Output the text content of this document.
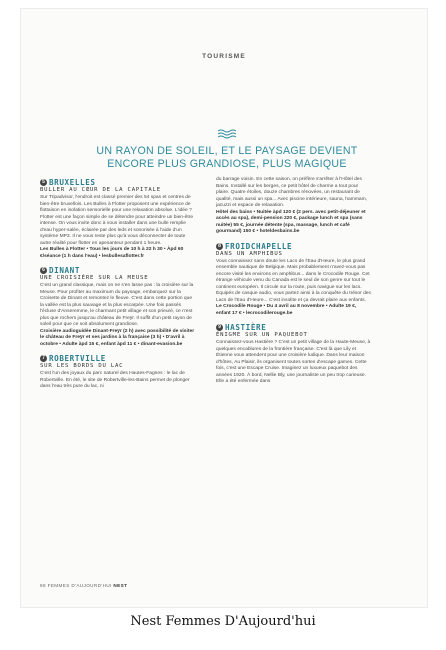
TOURISME
UN RAYON DE SOLEIL, ET LE PAYSAGE DEVIENT ENCORE PLUS GRANDIOSE, PLUS MAGIQUE
5 BRUXELLES
BULLER AU CŒUR DE LA CAPITALE
Sur Tripadvisor, l'endroit est classé premier des 54 spas et centres de bien-être bruxellois. Les Bulles à Flotter proposent une expérience de flottaison en isolation sensorielle pour une relaxation absolue. L'idée ? Flotter est une façon simple de se détendre pour atteindre un bien-être intense. On vous invite donc à vous installer dans une bulle remplie d'eau hyper-salée, éclairée par des leds et sonorisée à l'aide d'un système MP3. Il ne vous reste plus qu'à vous déconnecter de toute autre réalité pour flotter en apesanteur pendant 1 heure.
Les Bulles à Flotter • Tous les jours de 10 h à 22 h 30 • Àpd 60 €/séance (1 h dans l'eau) • lesbullesaflotter.fr
6 DINANT
UNE CROISIÈRE SUR LA MEUSE
C'est un grand classique, mais on ne s'en lasse pas : la croisière sur la Meuse. Pour profiter au maximum du paysage, embarquez sur la Croisette de Dinant et remontez le fleuve. C'est dans cette portion que la vallée est la plus sauvage et la plus escarpée. Une fois passés l'écluse d'Anseremme, le charmant petit village et son prieuré, ce n'est plus que rochers jusqu'au château de Freÿr. Il suffit d'un petit rayon de soleil pour que ce soit absolument grandiose.
Croisière audioguidée Dinant-Freÿr (2 h) avec possibilité de visiter le château de Freÿr et ses jardins à la française (3 h) • D'avril à octobre • Adulte àpd 15 €, enfant àpd 11 € • dinant-evasion.be
7 ROBERTVILLE
SUR LES BORDS DU LAC
C'est l'un des joyaux du parc naturel des Hautes-Fagnes : le lac de Robertville. En été, le site de Robertville-les-Bains permet de plonger dans l'eau très pure du lac, ni
du barrage voisin. En cette saison, on préfère s'arrêter à l'Hôtel des Bains. Installé sur les berges, ce petit hôtel de charme a tout pour plaire. Quatre étoiles, douze chambres rénovées, un restaurant de qualité, mais aussi un spa... Avec piscine intérieure, sauna, hammam, jacuzzi et espace de relaxation.
Hôtel des bains • Nuitée àpd 120 € (2 pers. avec petit-déjeuner et accès au spa), demi-pension 220 €, package lunch et spa (sans nuitée) 55 €, journée détente (spa, massage, lunch et café gourmand) 150 € • hoteldesbains.be
8 FROIDCHAPELLE
DANS UN AMPHIBUS
Vous connaissez sans doute les Lacs de l'Eau d'Heure, le plus grand ensemble nautique de Belgique. Mais probablement n'avez-vous pas encore visité les environs en amphibus... dans le Crocodile Rouge. Cet étrange véhicule venu du Canada est le seul de son genre sur tout le continent européen. Il circule sur la route, puis navigue sur les lacs. Équipés de casque audio, vous partez ainsi à la conquête du trésor des Lacs de l'Eau d'Heure... C'est insolite et ça devrait plaire aux enfants.
Le Crocodile Rouge • Du 4 avril au 8 novembre • Adulte 19 €, enfant 17 € • lecrocodilerouge.be
9 HASTIÈRE
ÉNIGME SUR UN PAQUEBOT
Connaissez-vous Hastière ? C'est un petit village de la Haute-Meuse, à quelques encablures de la frontière française. C'est là que Lily et Étienne vous attendent pour une croisière ludique. Dans leur maison d'hôtes, Au Plaisir, ils organisent toutes sortes d'escape games. Cette fois, c'est une Escape Cruise. Imaginez un luxueux paquebot des années 1920. À bord, Nellie Bly, une journaliste un peu trop curieuse. Elle a été enfermée dans
88 FEMMES D'AUJOURD'HUI NEST
Nest Femmes D'Aujourd'hui
